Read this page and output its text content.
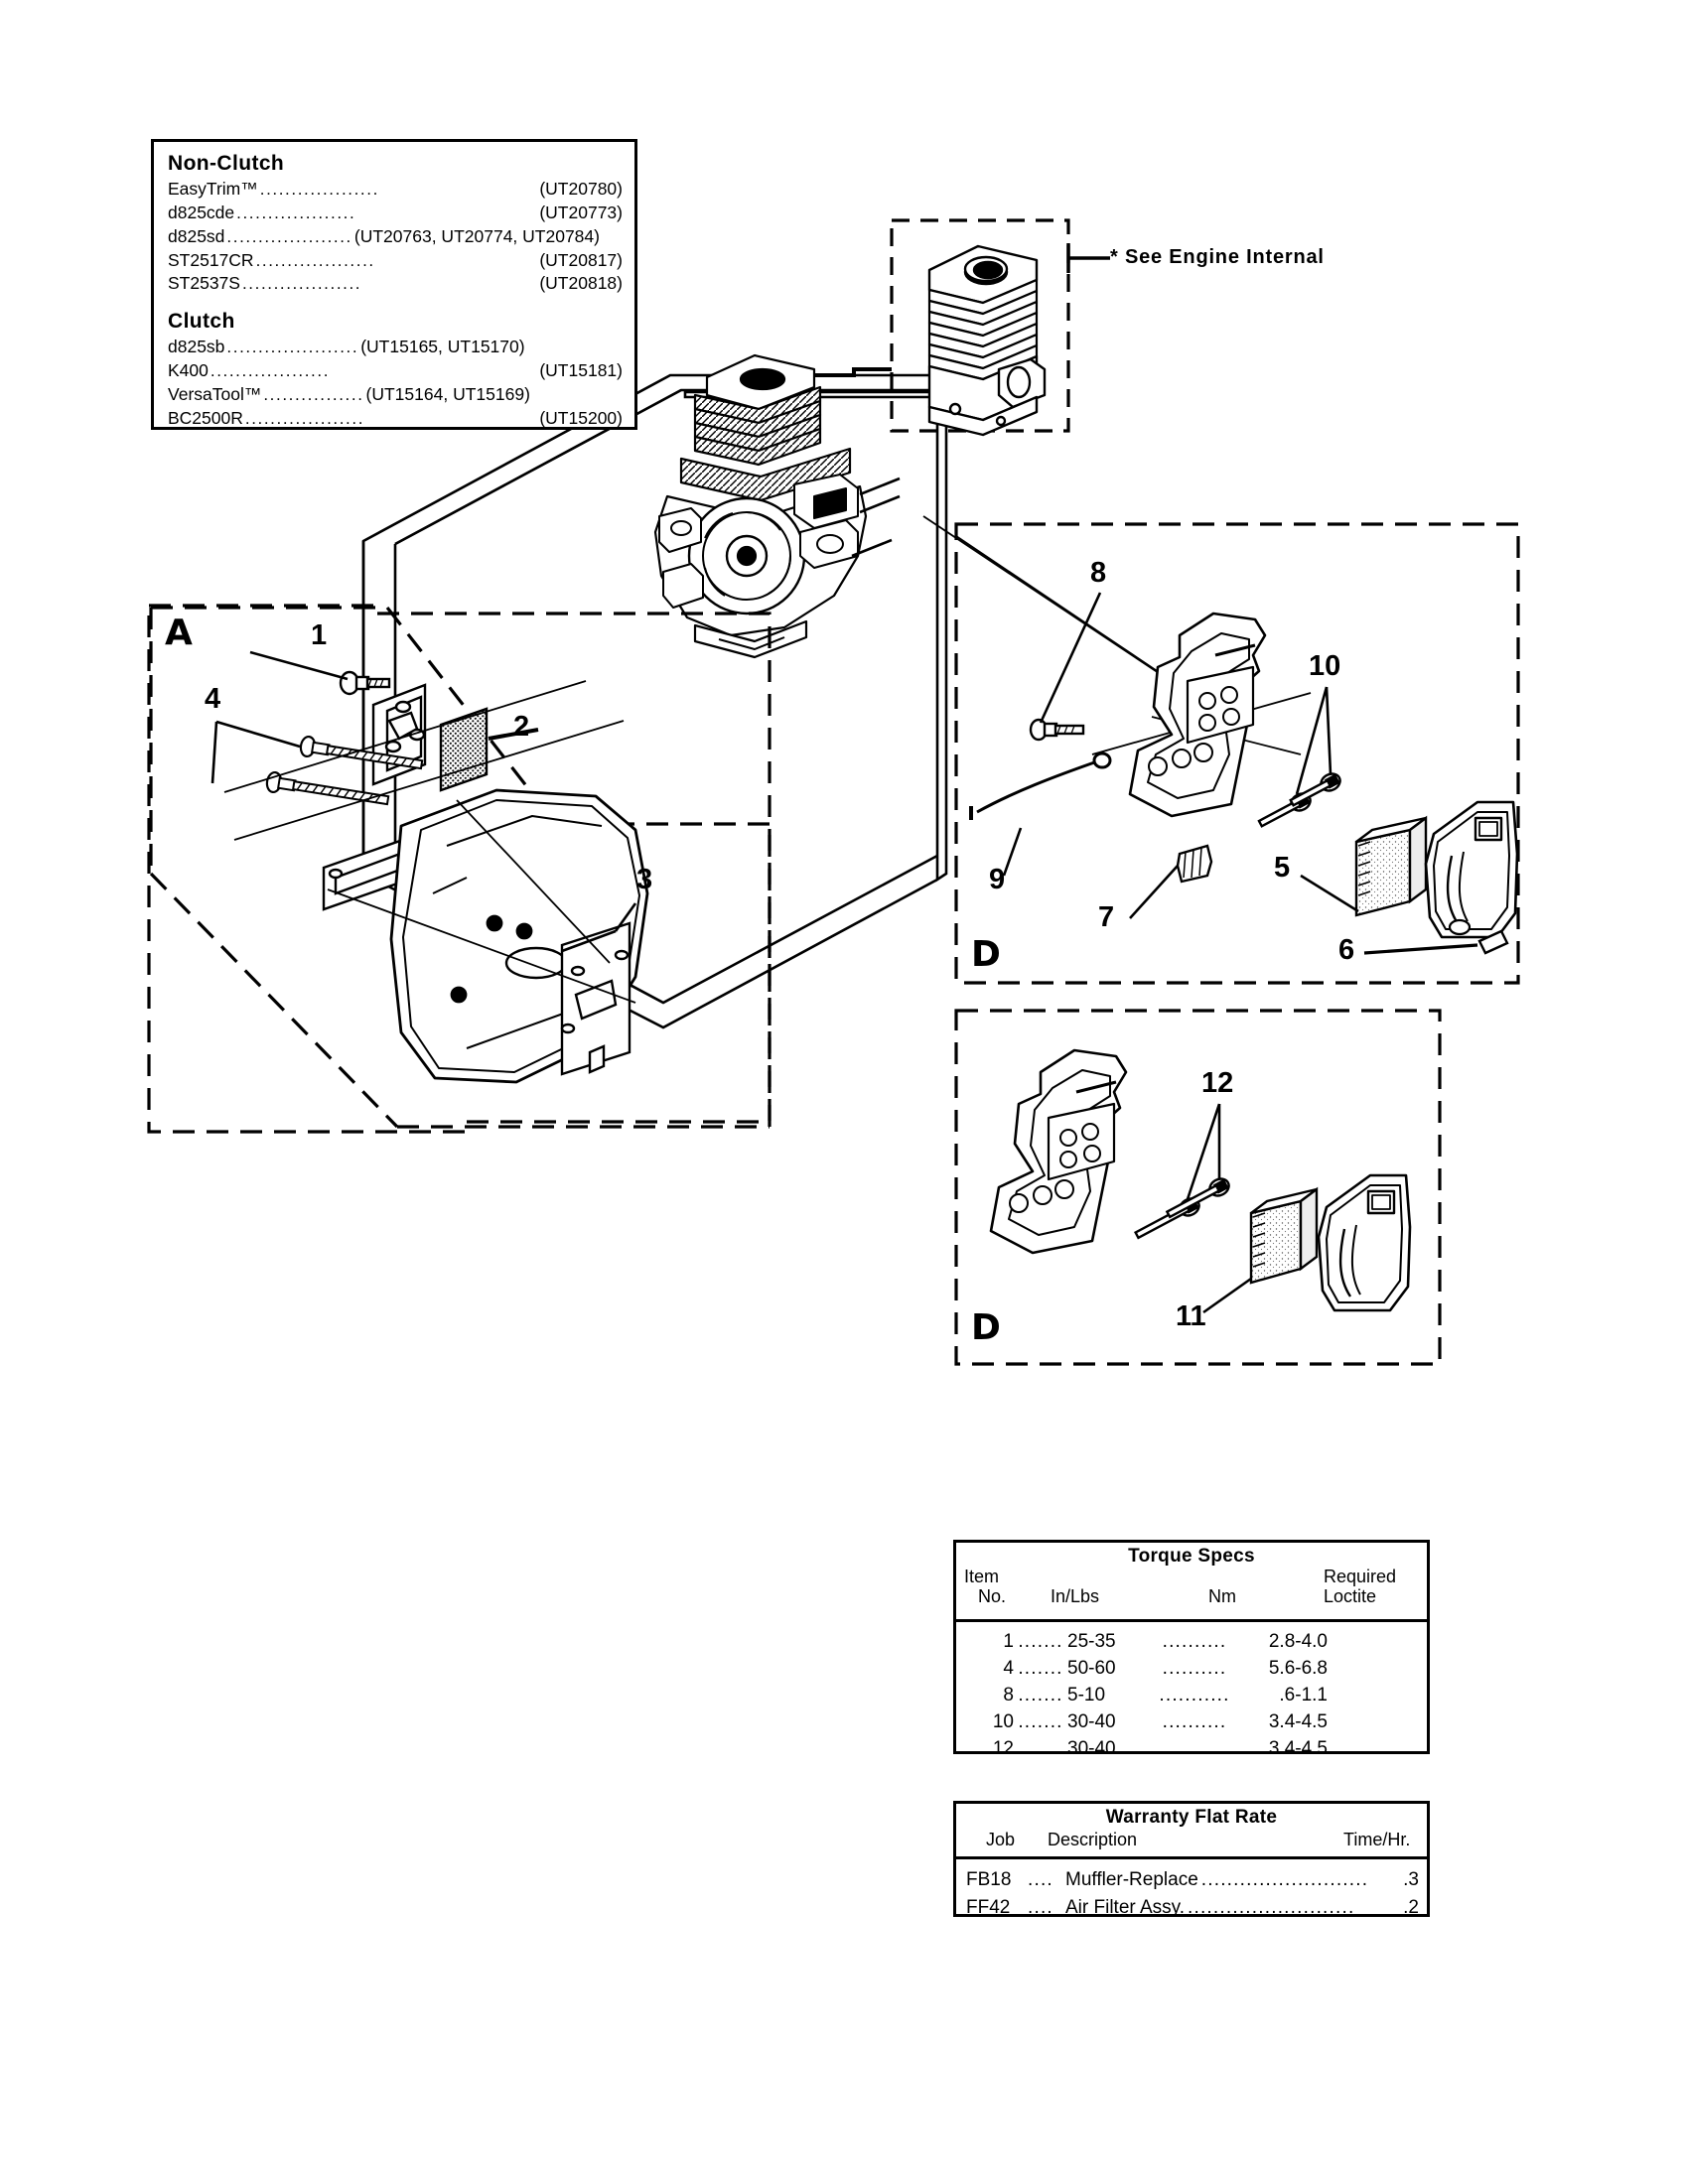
Non-Clutch
EasyTrim™ ...................	(UT20780)
d825cde ...................	(UT20773)
d825sd .................... (UT20763, UT20774, UT20784)
ST2517CR ...................	(UT20817)
ST2537S ...................	(UT20818)
Clutch
d825sb ..................... (UT15165, UT15170)
K400 ...................	(UT15181)
VersaTool™ ................ (UT15164, UT15169)
BC2500R ...................	(UT15200)
* See Engine Internal
A
D
D
1
2
3
4
5
6
7
8
9
10
11
12
Torque Specs
Item
No. In/Lbs	Nm
Required
Loctite
1 ....... 25-35	..........	2.8-4.0
4 ....... 50-60	..........	5.6-6.8
8 ....... 5-10	...........	.6-1.1
10 ....... 30-40	..........	3.4-4.5
12 ....... 30-40	..........	3.4-4.5
Warranty Flat Rate
Job Description	Time/Hr.
FB18 .... Muffler-Replace ..........................	.3
FF42 .... Air Filter Assy. ..........................	.2
